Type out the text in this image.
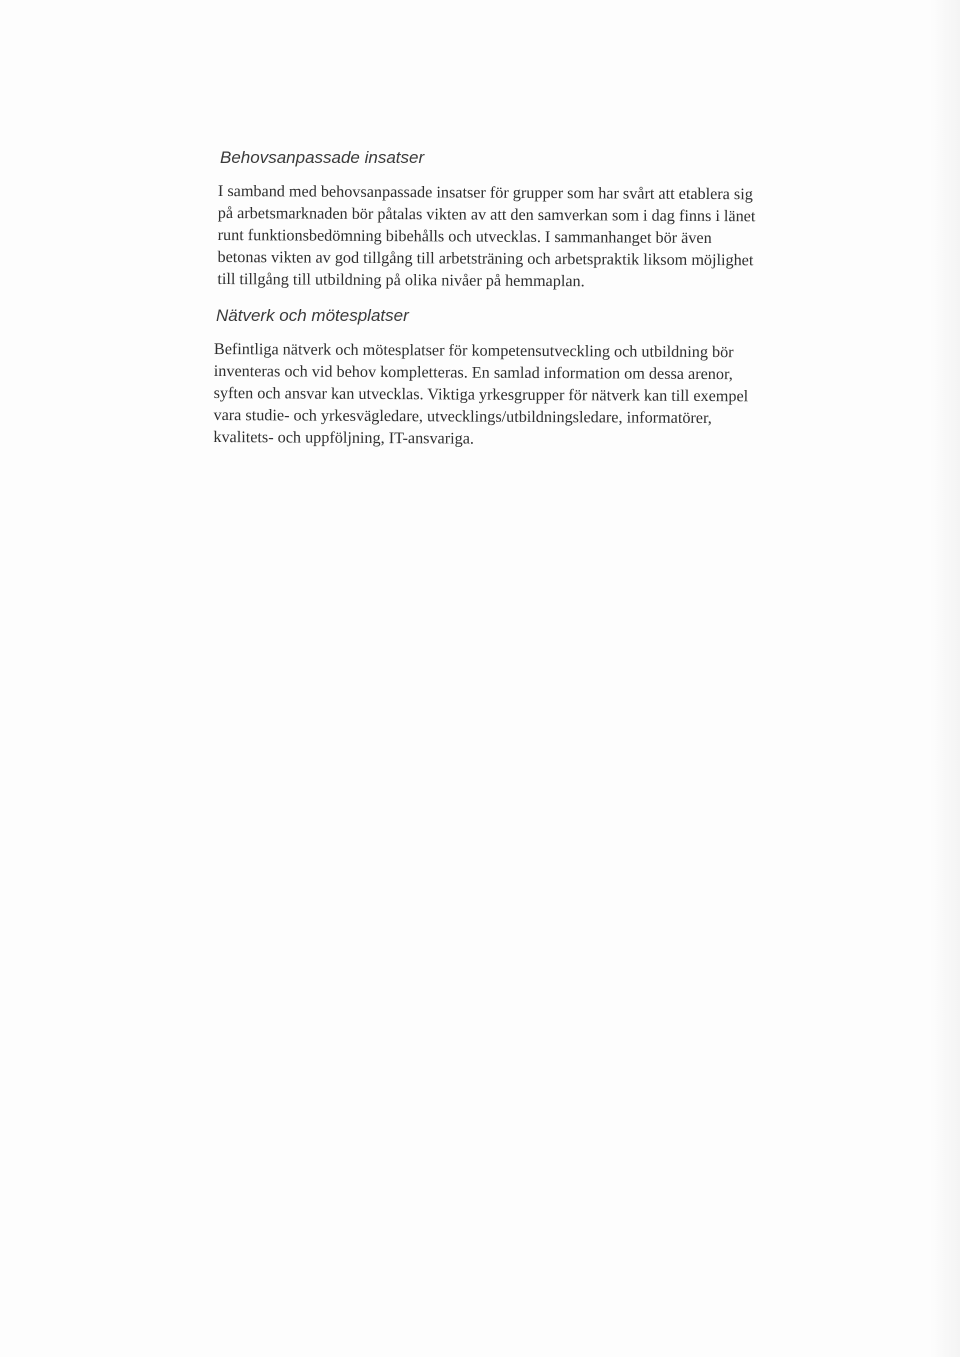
Behovsanpassade insatser

I samband med behovsanpassade insatser för grupper som har svårt att etablera sig
på arbetsmarknaden bör påtalas vikten av att den samverkan som i dag finns i länet
runt funktionsbedömning bibehålls och utvecklas. I sammanhanget bör även
betonas vikten av god tillgång till arbetsträning och arbetspraktik liksom möjlighet
till tillgång till utbildning på olika nivåer på hemmaplan.

Nätverk och mötesplatser

Befintliga nätverk och mötesplatser för kompetensutveckling och utbildning bör
inventeras och vid behov kompletteras. En samlad information om dessa arenor,
syften och ansvar kan utvecklas. Viktiga yrkesgrupper för nätverk kan till exempel
vara studie- och yrkesvägledare, utvecklings/utbildningsledare, informatörer,
kvalitets- och uppföljning, IT-ansvariga.
